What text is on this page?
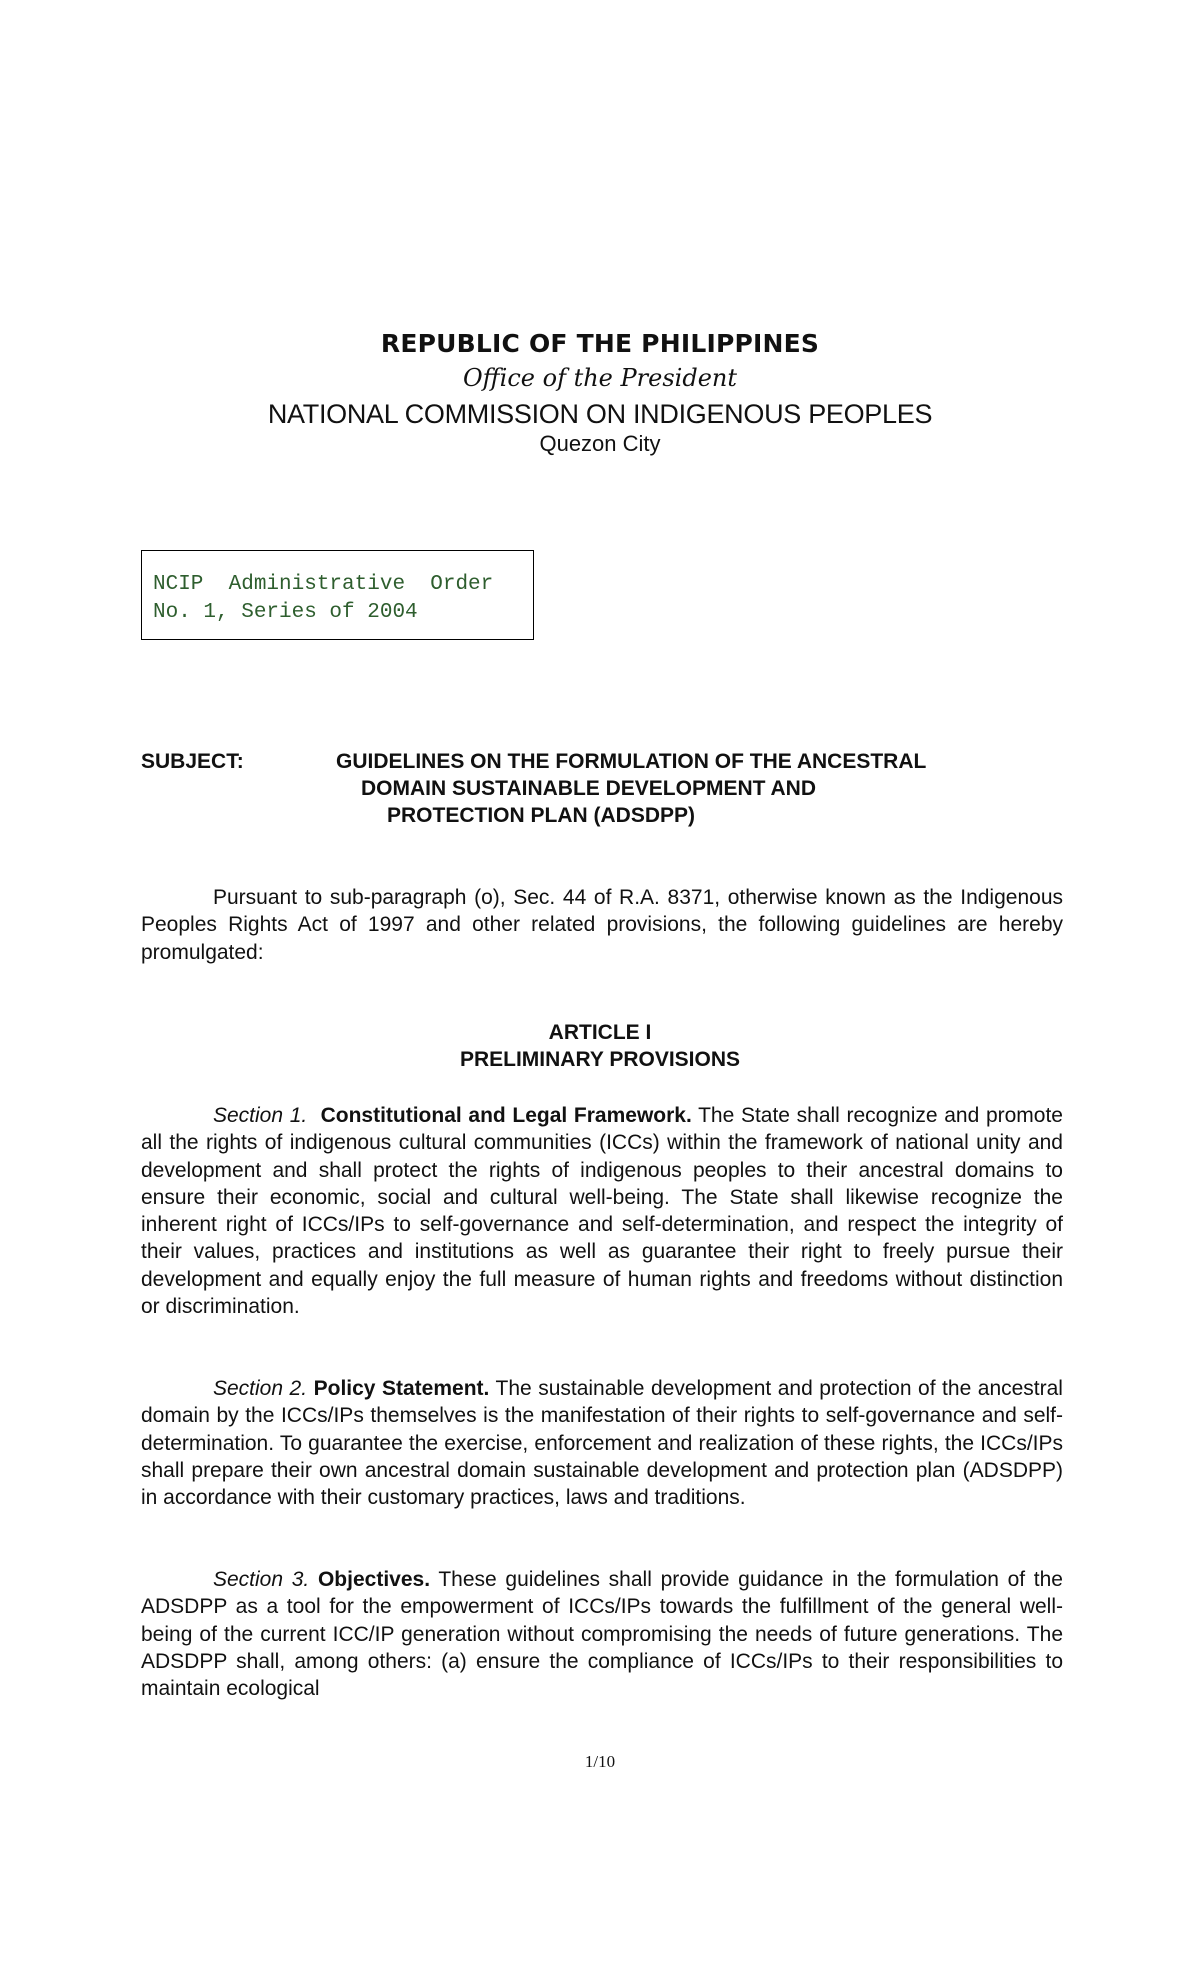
REPUBLIC OF THE PHILIPPINES
Office of the President
NATIONAL COMMISSION ON INDIGENOUS PEOPLES
Quezon City
NCIP  Administrative  Order
No. 1, Series of 2004
SUBJECT:	GUIDELINES ON THE FORMULATION OF THE ANCESTRAL
DOMAIN SUSTAINABLE DEVELOPMENT AND
PROTECTION PLAN (ADSDPP)
Pursuant to sub-paragraph (o), Sec. 44 of R.A. 8371, otherwise known as the Indigenous Peoples Rights Act of 1997 and other related provisions, the following guidelines are hereby promulgated:
ARTICLE I
PRELIMINARY PROVISIONS
Section 1. Constitutional and Legal Framework. The State shall recognize and promote all the rights of indigenous cultural communities (ICCs) within the framework of national unity and development and shall protect the rights of indigenous peoples to their ancestral domains to ensure their economic, social and cultural well-being. The State shall likewise recognize the inherent right of ICCs/IPs to self-governance and self-determination, and respect the integrity of their values, practices and institutions as well as guarantee their right to freely pursue their development and equally enjoy the full measure of human rights and freedoms without distinction or discrimination.
Section 2. Policy Statement. The sustainable development and protection of the ancestral domain by the ICCs/IPs themselves is the manifestation of their rights to self-governance and self-determination. To guarantee the exercise, enforcement and realization of these rights, the ICCs/IPs shall prepare their own ancestral domain sustainable development and protection plan (ADSDPP) in accordance with their customary practices, laws and traditions.
Section 3. Objectives. These guidelines shall provide guidance in the formulation of the ADSDPP as a tool for the empowerment of ICCs/IPs towards the fulfillment of the general well-being of the current ICC/IP generation without compromising the needs of future generations. The ADSDPP shall, among others: (a) ensure the compliance of ICCs/IPs to their responsibilities to maintain ecological
1/10
